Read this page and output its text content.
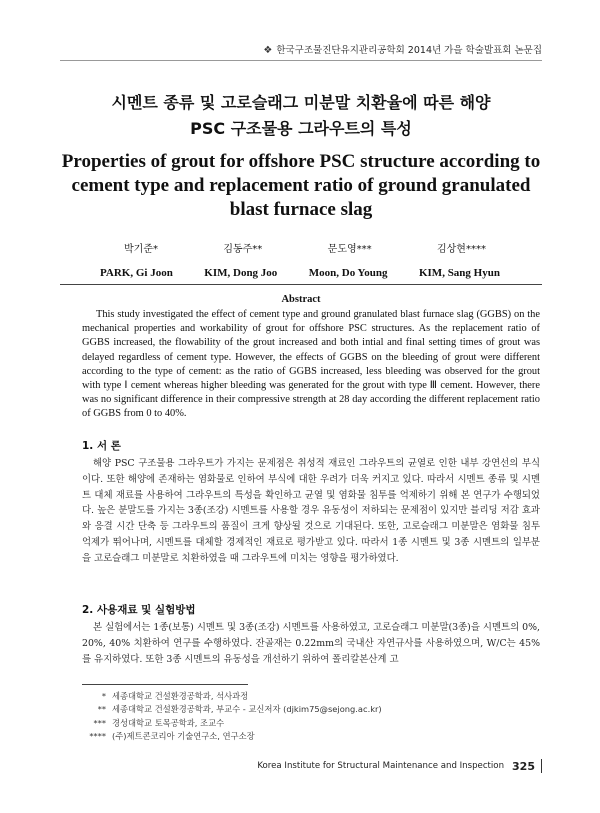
❖ 한국구조물진단유지관리공학회 2014년 가을 학술발표회 논문집
시멘트 종류 및 고로슬래그 미분말 치환율에 따른 해양
PSC 구조물용 그라우트의 특성
Properties of grout for offshore PSC structure according to
cement type and replacement ratio of ground granulated
blast furnace slag
박기준*	김동주**	문도영***	김상현****
PARK, Gi Joon	KIM, Dong Joo	Moon, Do Young	KIM, Sang Hyun
Abstract
This study investigated the effect of cement type and ground granulated blast furnace slag (GGBS) on the mechanical properties and workability of grout for offshore PSC structures. As the replacement ratio of GGBS increased, the flowability of the grout increased and both intial and final setting times of grout was delayed regardless of cement type. However, the effects of GGBS on the bleeding of grout were different according to the type of cement: as the ratio of GGBS increased, less bleeding was observed for the grout with type Ⅰ cement whereas higher bleeding was generated for the grout with type Ⅲ cement. However, there was no significant difference in their compressive strength at 28 day according the different replacement ratio of GGBS from 0 to 40%.
1. 서 론
해양 PSC 구조물용 그라우트가 가지는 문제점은 취성적 재료인 그라우트의 균열로 인한 내부 강연선의 부식이다. 또한 해양에 존재하는 염화물로 인하여 부식에 대한 우려가 더욱 커지고 있다. 따라서 시멘트 종류 및 시멘트 대체 재료를 사용하여 그라우트의 특성을 확인하고 균열 및 염화물 침투를 억제하기 위해 본 연구가 수행되었다. 높은 분말도를 가지는 3종(조강) 시멘트를 사용할 경우 유동성이 저하되는 문제점이 있지만 블리딩 저감 효과와 응결 시간 단축 등 그라우트의 품질이 크게 향상될 것으로 기대된다. 또한, 고로슬래그 미분말은 염화물 침투 억제가 뛰어나며, 시멘트를 대체할 경제적인 재료로 평가받고 있다. 따라서 1종 시멘트 및 3종 시멘트의 일부분을 고로슬래그 미분말로 치환하였을 때 그라우트에 미치는 영향을 평가하였다.
2. 사용재료 및 실험방법
본 실험에서는 1종(보통) 시멘트 및 3종(조강) 시멘트를 사용하였고, 고로슬래그 미분말(3종)을 시멘트의 0%, 20%, 40% 치환하여 연구를 수행하였다. 잔골재는 0.22mm의 국내산 자연규사를 사용하였으며, W/C는 45%를 유지하였다. 또한 3종 시멘트의 유동성을 개선하기 위하여 폴리칼본산계 고
* 세종대학교 건설환경공학과, 석사과정
** 세종대학교 건설환경공학과, 부교수 - 교신저자 (djkim75@sejong.ac.kr)
*** 경성대학교 토목공학과, 조교수
**** (주)제트콘코리아 기술연구소, 연구소장
Korea Institute for Structural Maintenance and Inspection 325
